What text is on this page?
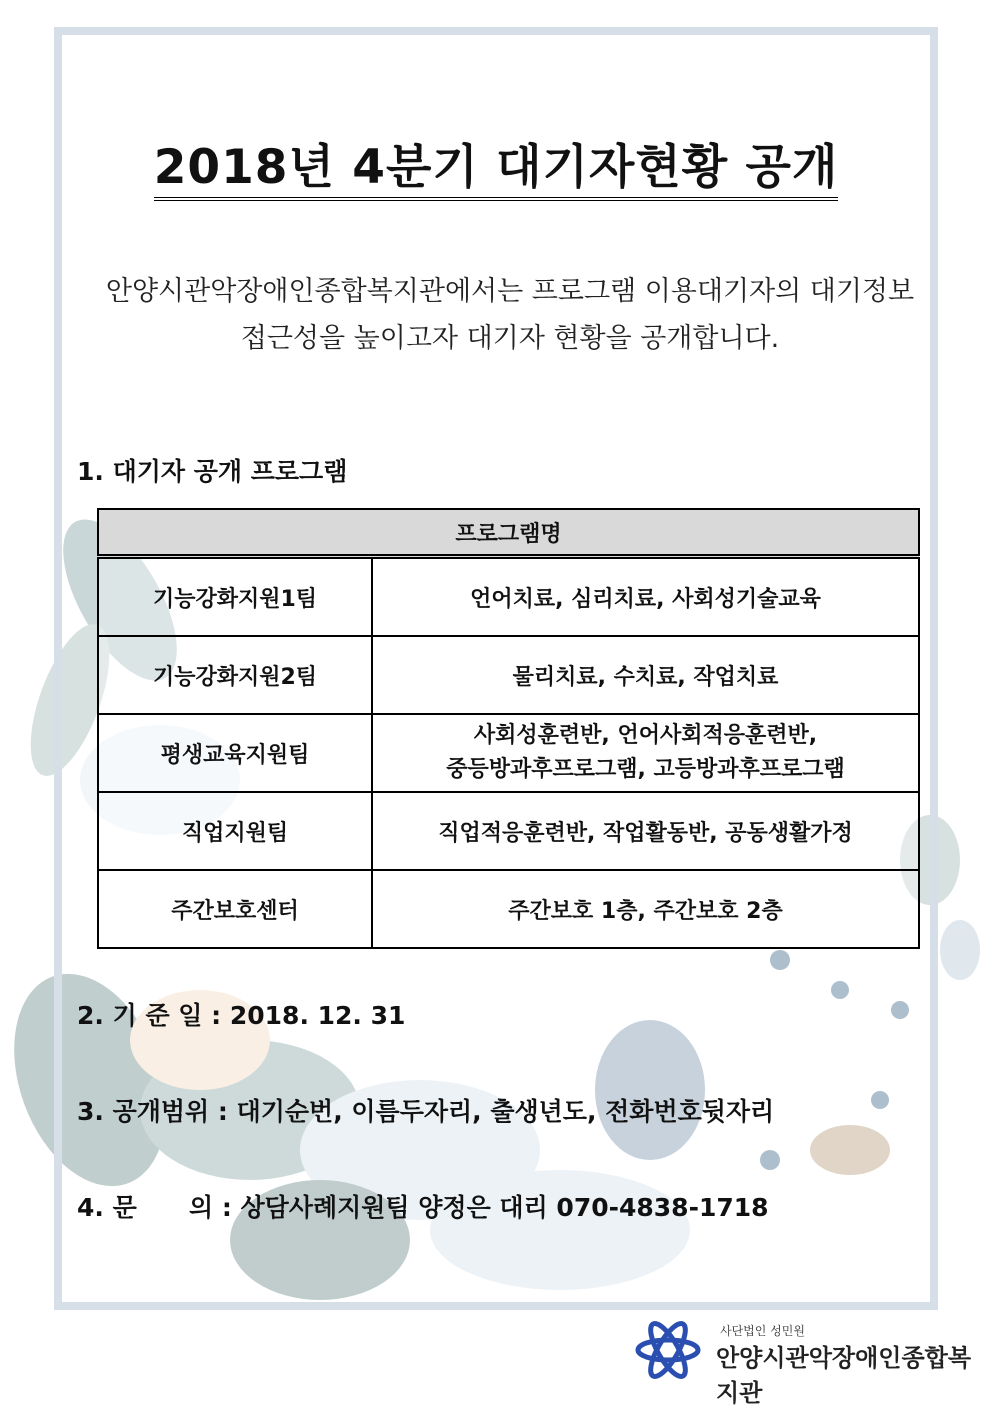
2018년 4분기 대기자현황 공개
안양시관악장애인종합복지관에서는 프로그램 이용대기자의 대기정보
접근성을 높이고자 대기자 현황을 공개합니다.
1. 대기자 공개 프로그램
프로그램명	
기능강화지원1팀	언어치료, 심리치료, 사회성기술교육
기능강화지원2팀	물리치료, 수치료, 작업치료
평생교육지원팀	사회성훈련반, 언어사회적응훈련반,
중등방과후프로그램, 고등방과후프로그램

직업지원팀	직업적응훈련반, 작업활동반, 공동생활가정
주간보호센터	주간보호 1층, 주간보호 2층
2. 기 준 일 : 2018. 12. 31
3. 공개범위 : 대기순번, 이름두자리, 출생년도, 전화번호뒷자리
4. 문      의 : 상담사례지원팀 양정은 대리 070-4838-1718
사단법인 성민원
안양시관악장애인종합복지관
